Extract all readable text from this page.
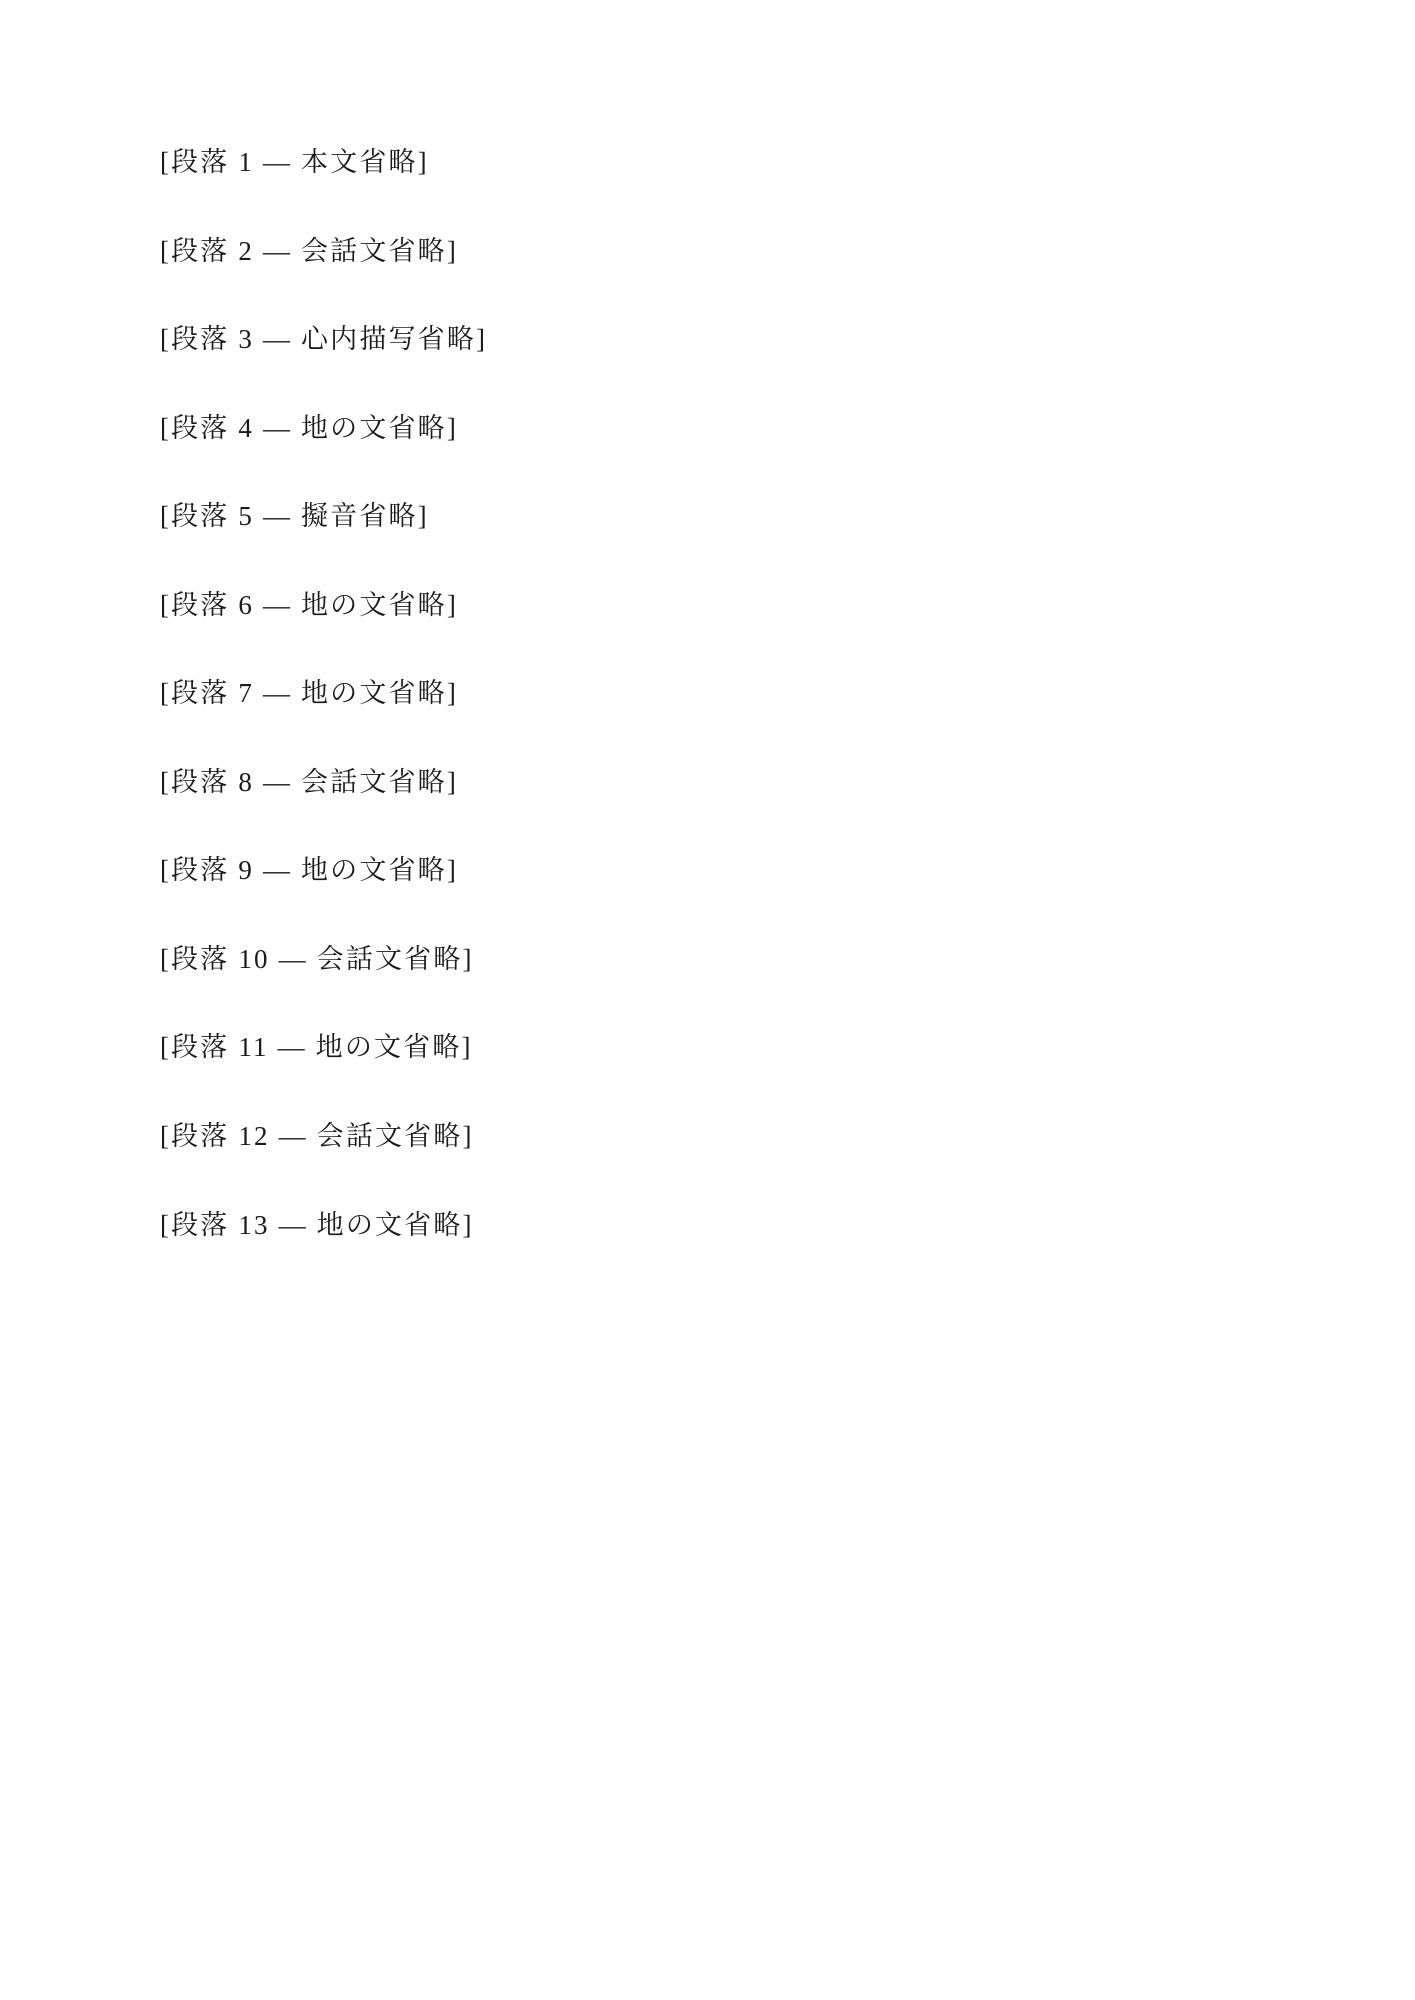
[段落 1 — 本文省略]

[段落 2 — 会話文省略]

[段落 3 — 心内描写省略]

[段落 4 — 地の文省略]

[段落 5 — 擬音省略]

[段落 6 — 地の文省略]

[段落 7 — 地の文省略]

[段落 8 — 会話文省略]

[段落 9 — 地の文省略]

[段落 10 — 会話文省略]

[段落 11 — 地の文省略]

[段落 12 — 会話文省略]

[段落 13 — 地の文省略]
